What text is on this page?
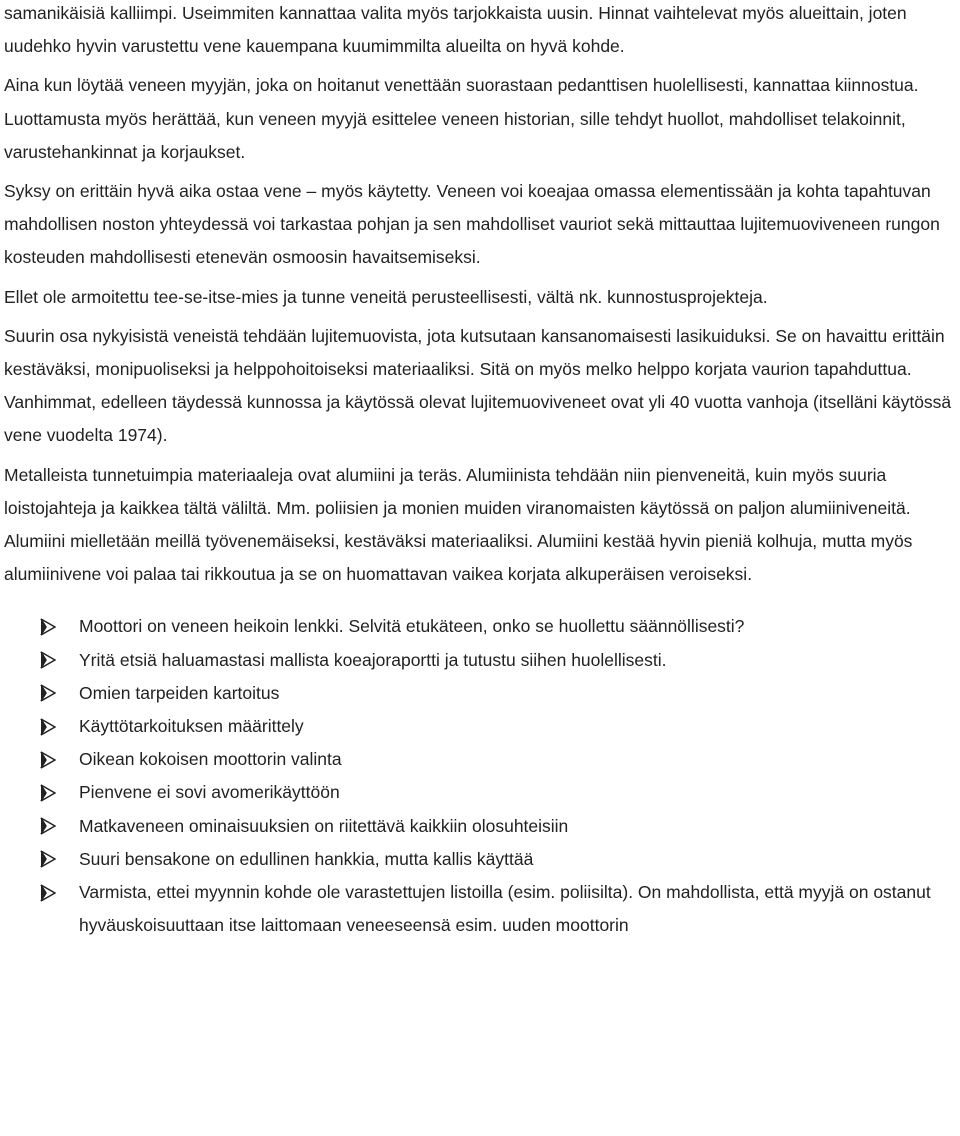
samanikäisiä kalliimpi. Useimmiten kannattaa valita myös tarjokkaista uusin. Hinnat vaihtelevat myös alueittain, joten uudehko hyvin varustettu vene kauempana kuumimmilta alueilta on hyvä kohde.

Aina kun löytää veneen myyjän, joka on hoitanut venettään suorastaan pedanttisen huolellisesti, kannattaa kiinnostua. Luottamusta myös herättää, kun veneen myyjä esittelee veneen historian, sille tehdyt huollot, mahdolliset telakoinnit, varustehankinnat ja korjaukset.

Syksy on erittäin hyvä aika ostaa vene – myös käytetty. Veneen voi koeajaa omassa elementissään ja kohta tapahtuvan mahdollisen noston yhteydessä voi tarkastaa pohjan ja sen mahdolliset vauriot sekä mittauttaa lujitemuoviveneen rungon kosteuden mahdollisesti etenevän osmoosin havaitsemiseksi.

Ellet ole armoitettu tee-se-itse-mies ja tunne veneitä perusteellisesti, vältä nk. kunnostusprojekteja.

Suurin osa nykyisistä veneistä tehdään lujitemuovista, jota kutsutaan kansanomaisesti lasikuiduksi. Se on havaittu erittäin kestäväksi, monipuoliseksi ja helppohoitoiseksi materiaaliksi. Sitä on myös melko helppo korjata vaurion tapahduttua. Vanhimmat, edelleen täydessä kunnossa ja käytössä olevat lujitemuoviveneet ovat yli 40 vuotta vanhoja (itselläni käytössä vene vuodelta 1974).

Metalleista tunnetuimpia materiaaleja ovat alumiini ja teräs. Alumiinista tehdään niin pienveneitä, kuin myös suuria loistojahteja ja kaikkea tältä väliltä. Mm. poliisien ja monien muiden viranomaisten käytössä on paljon alumiiniveneitä. Alumiini mielletään meillä työvenemäiseksi, kestäväksi materiaaliksi. Alumiini kestää hyvin pieniä kolhuja, mutta myös alumiinivene voi palaa tai rikkoutua ja se on huomattavan vaikea korjata alkuperäisen veroiseksi.

Moottori on veneen heikoin lenkki. Selvitä etukäteen, onko se huollettu säännöllisesti?
Yritä etsiä haluamastasi mallista koeajoraportti ja tutustu siihen huolellisesti.
Omien tarpeiden kartoitus
Käyttötarkoituksen määrittely
Oikean kokoisen moottorin valinta
Pienvene ei sovi avomerikäyttöön
Matkaveneen ominaisuuksien on riitettävä kaikkiin olosuhteisiin
Suuri bensakone on edullinen hankkia, mutta kallis käyttää
Varmista, ettei myynnin kohde ole varastettujen listoilla (esim. poliisilta). On mahdollista, että myyjä on ostanut hyväuskoisuuttaan itse laittomaan veneeseensä esim. uuden moottorin
